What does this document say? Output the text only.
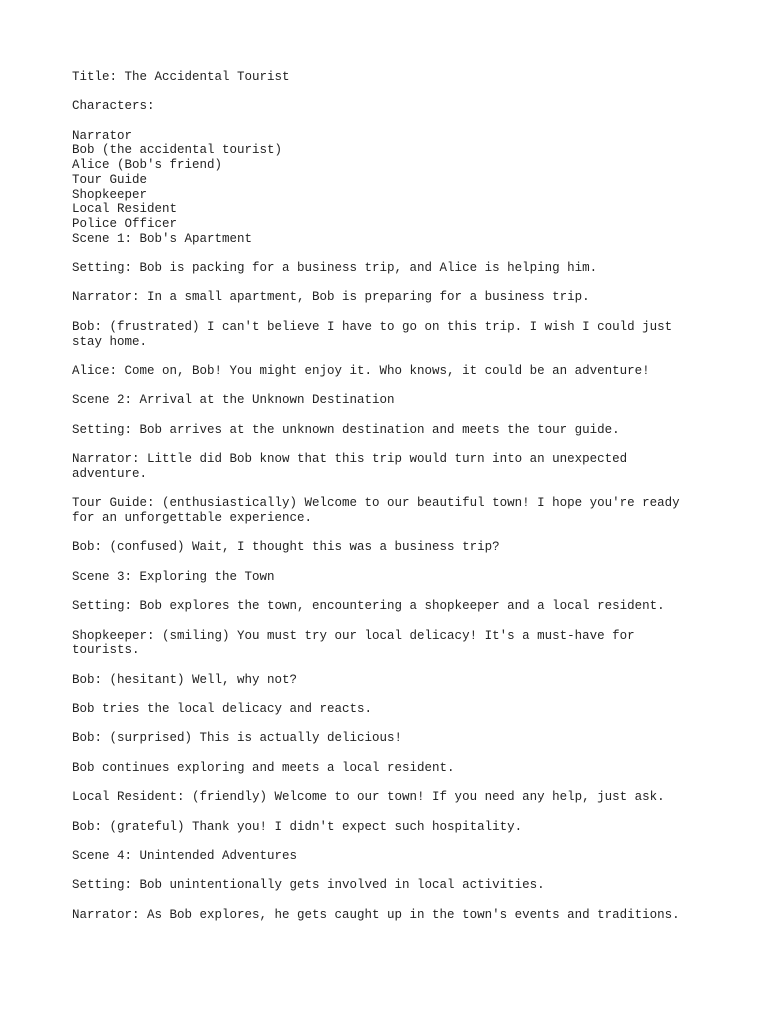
Title: The Accidental Tourist
Characters:
Narrator
Bob (the accidental tourist)
Alice (Bob's friend)
Tour Guide
Shopkeeper
Local Resident
Police Officer
Scene 1: Bob's Apartment
Setting: Bob is packing for a business trip, and Alice is helping him.
Narrator: In a small apartment, Bob is preparing for a business trip.
Bob: (frustrated) I can't believe I have to go on this trip. I wish I could just
stay home.
Alice: Come on, Bob! You might enjoy it. Who knows, it could be an adventure!
Scene 2: Arrival at the Unknown Destination
Setting: Bob arrives at the unknown destination and meets the tour guide.
Narrator: Little did Bob know that this trip would turn into an unexpected
adventure.
Tour Guide: (enthusiastically) Welcome to our beautiful town! I hope you're ready
for an unforgettable experience.
Bob: (confused) Wait, I thought this was a business trip?
Scene 3: Exploring the Town
Setting: Bob explores the town, encountering a shopkeeper and a local resident.
Shopkeeper: (smiling) You must try our local delicacy! It's a must-have for
tourists.
Bob: (hesitant) Well, why not?
Bob tries the local delicacy and reacts.
Bob: (surprised) This is actually delicious!
Bob continues exploring and meets a local resident.
Local Resident: (friendly) Welcome to our town! If you need any help, just ask.
Bob: (grateful) Thank you! I didn't expect such hospitality.
Scene 4: Unintended Adventures
Setting: Bob unintentionally gets involved in local activities.
Narrator: As Bob explores, he gets caught up in the town's events and traditions.
